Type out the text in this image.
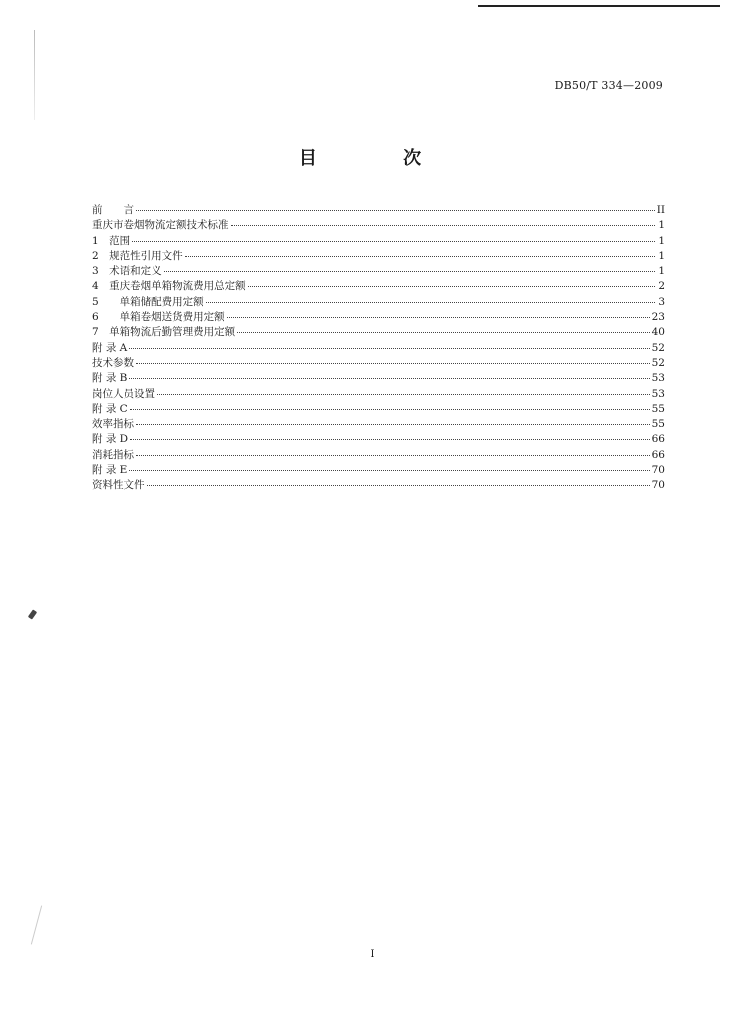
DB50/T 334—2009
目 次
前　　言	II
重庆市卷烟物流定额技术标准	1
1　范围	1
2　规范性引用文件	1
3　术语和定义	1
4　重庆卷烟单箱物流费用总定额	2
5　　单箱储配费用定额	3
6　　单箱卷烟送货费用定额	23
7　单箱物流后勤管理费用定额	40
附 录 A	52
技术参数	52
附 录 B	53
岗位人员设置	53
附 录 C	55
效率指标	55
附 录 D	66
消耗指标	66
附 录 E	70
资料性文件	70
I
